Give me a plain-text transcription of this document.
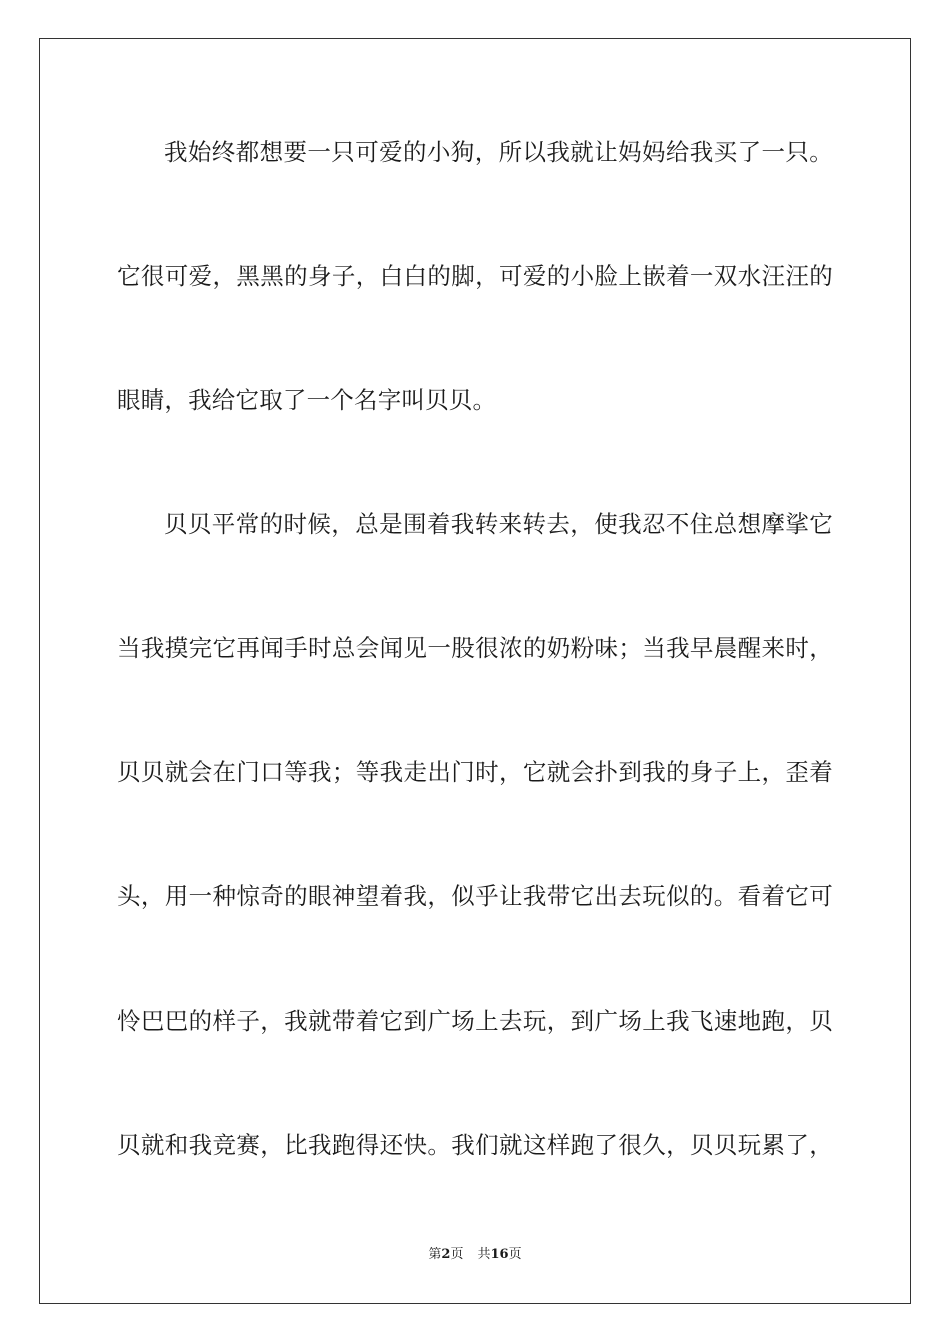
我始终都想要一只可爱的小狗，所以我就让妈妈给我买了一只。
它很可爱，黑黑的身子，白白的脚，可爱的小脸上嵌着一双水汪汪的
眼睛，我给它取了一个名字叫贝贝。
贝贝平常的时候，总是围着我转来转去，使我忍不住总想摩挲它
当我摸完它再闻手时总会闻见一股很浓的奶粉味；当我早晨醒来时，
贝贝就会在门口等我；等我走出门时，它就会扑到我的身子上，歪着
头，用一种惊奇的眼神望着我，似乎让我带它出去玩似的。看着它可
怜巴巴的样子，我就带着它到广场上去玩，到广场上我飞速地跑，贝
贝就和我竞赛，比我跑得还快。我们就这样跑了很久，贝贝玩累了，
第2页 共16页
